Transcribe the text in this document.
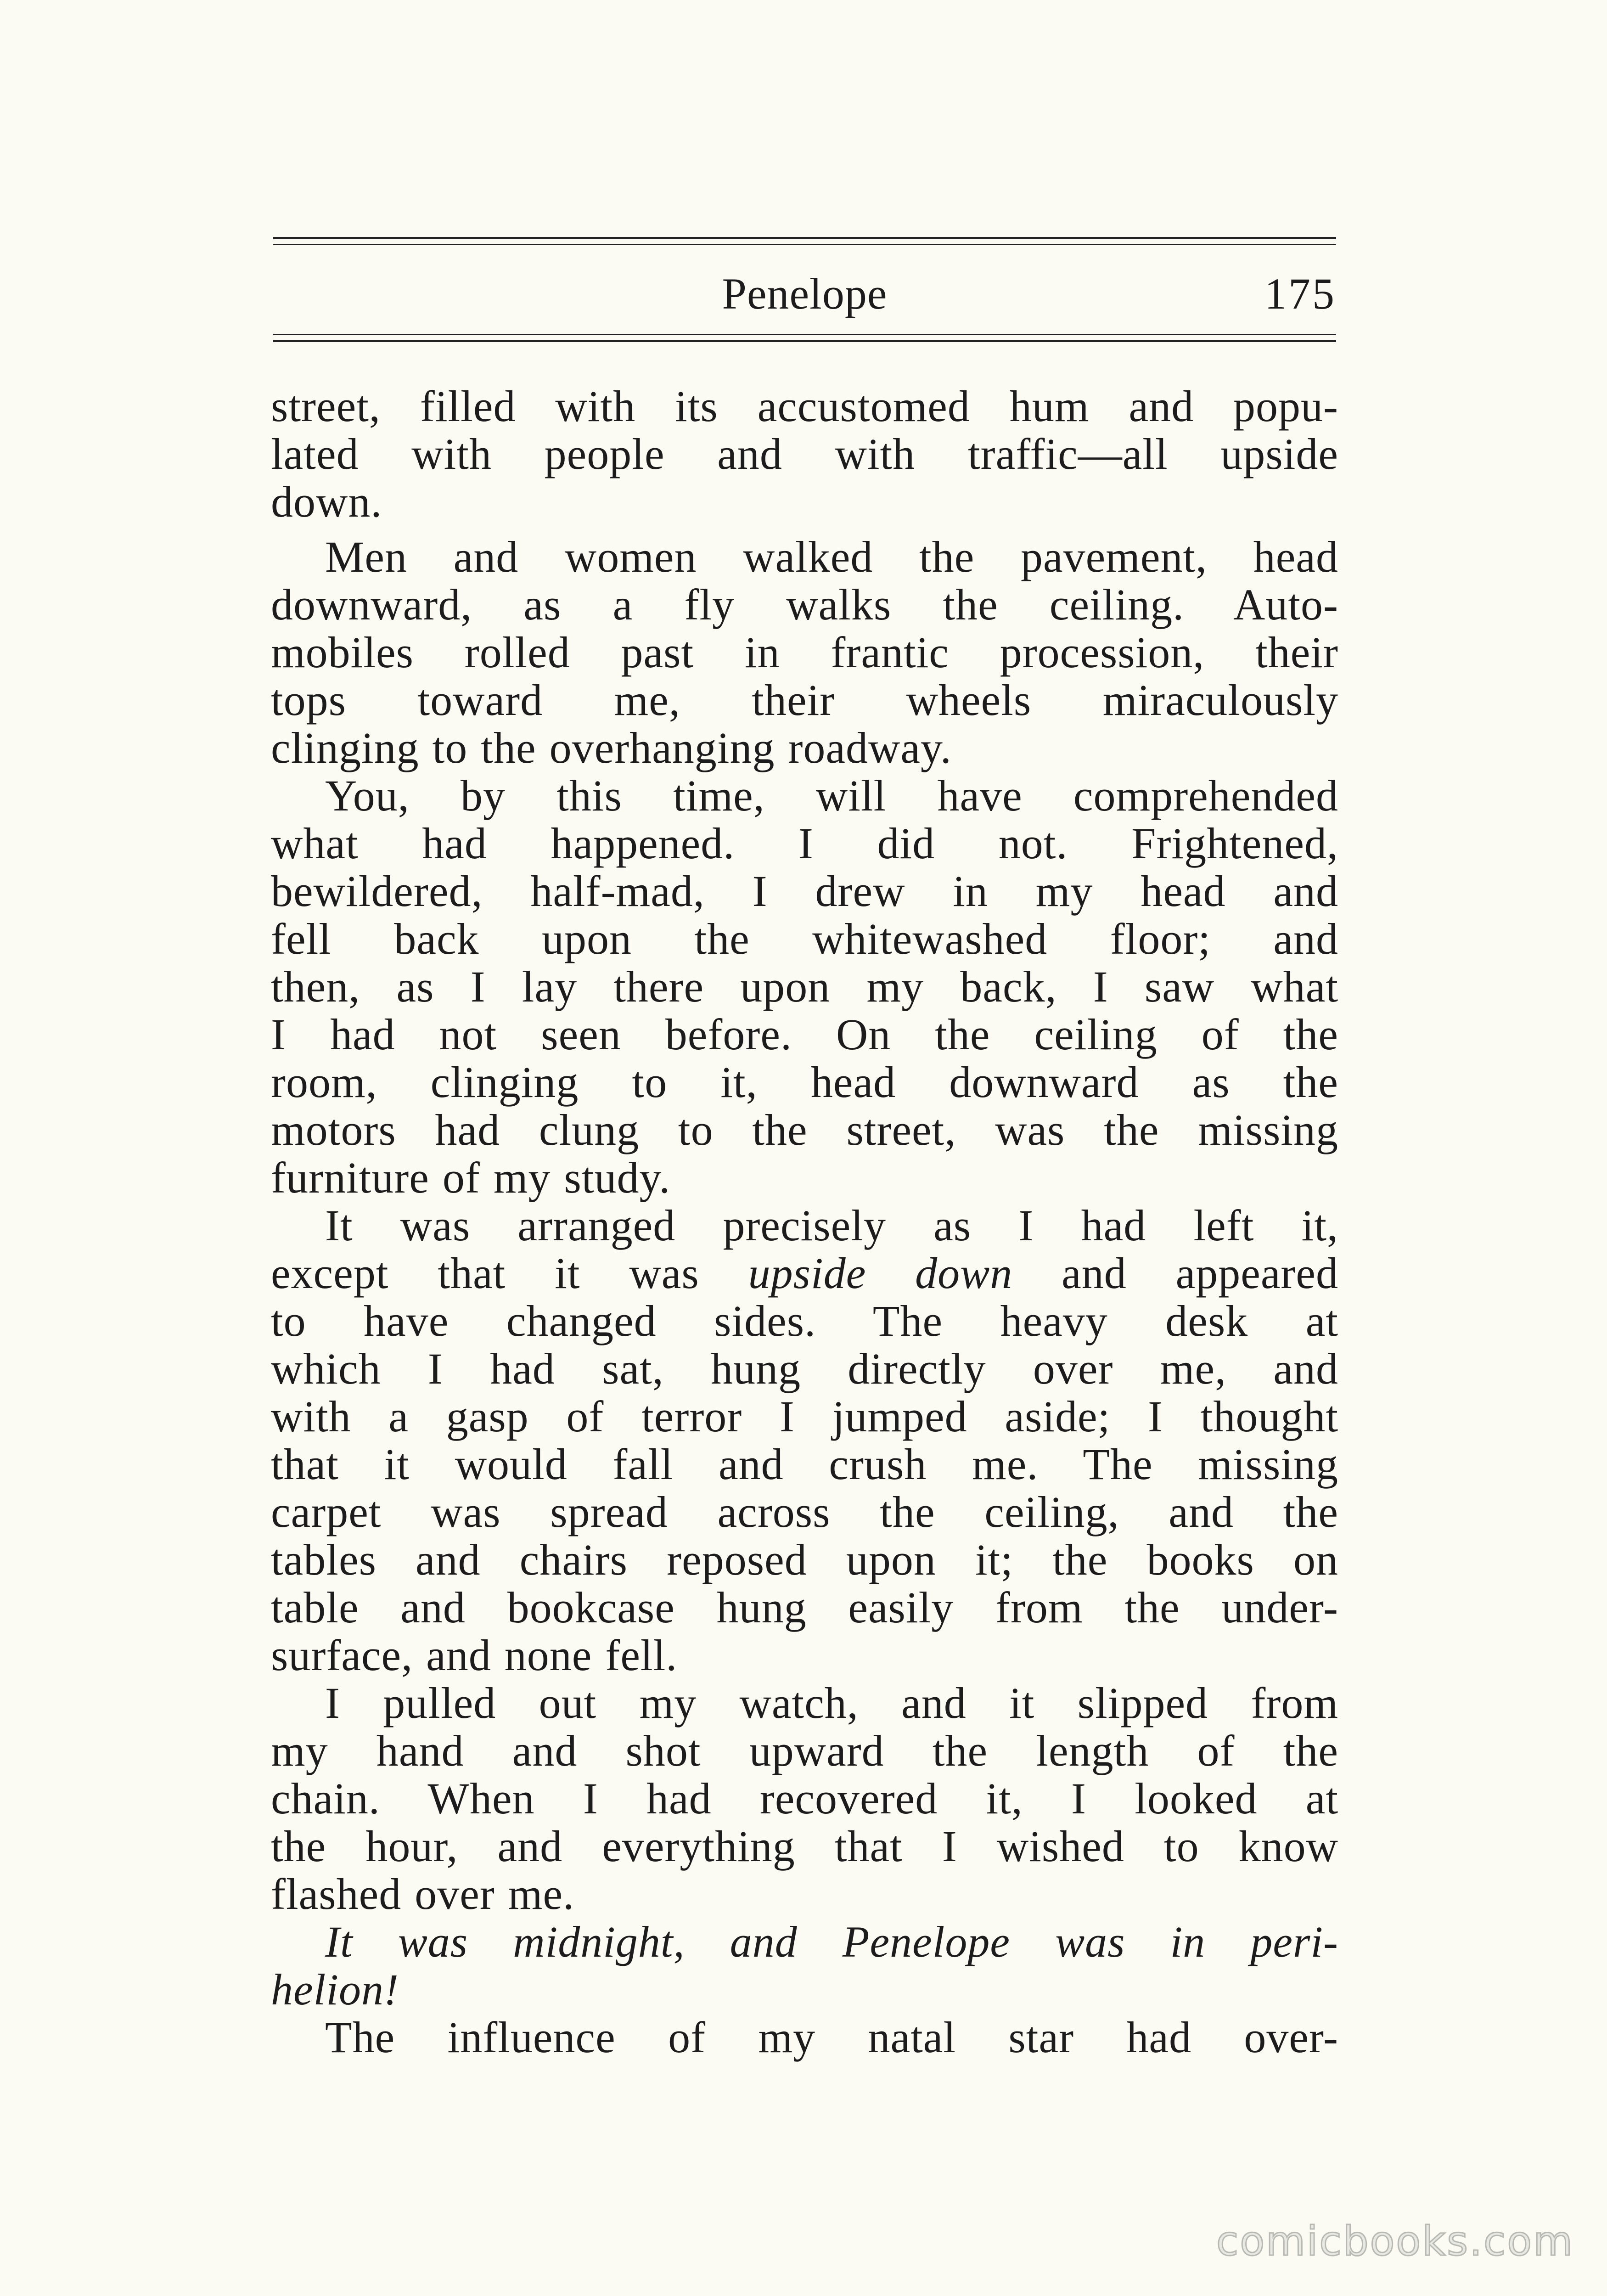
Penelope	175
street, filled with its accustomed hum and popu-
lated with people and with traffic—all upside
down.
Men and women walked the pavement, head
downward, as a fly walks the ceiling. Auto-
mobiles rolled past in frantic procession, their
tops toward me, their wheels miraculously
clinging to the overhanging roadway.
You, by this time, will have comprehended
what had happened. I did not. Frightened,
bewildered, half-mad, I drew in my head and
fell back upon the whitewashed floor; and
then, as I lay there upon my back, I saw what
I had not seen before. On the ceiling of the
room, clinging to it, head downward as the
motors had clung to the street, was the missing
furniture of my study.
It was arranged precisely as I had left it,
except that it was upside down and appeared
to have changed sides. The heavy desk at
which I had sat, hung directly over me, and
with a gasp of terror I jumped aside; I thought
that it would fall and crush me. The missing
carpet was spread across the ceiling, and the
tables and chairs reposed upon it; the books on
table and bookcase hung easily from the under-
surface, and none fell.
I pulled out my watch, and it slipped from
my hand and shot upward the length of the
chain. When I had recovered it, I looked at
the hour, and everything that I wished to know
flashed over me.
It was midnight, and Penelope was in peri-
helion!
The influence of my natal star had over-
comicbooks.com
